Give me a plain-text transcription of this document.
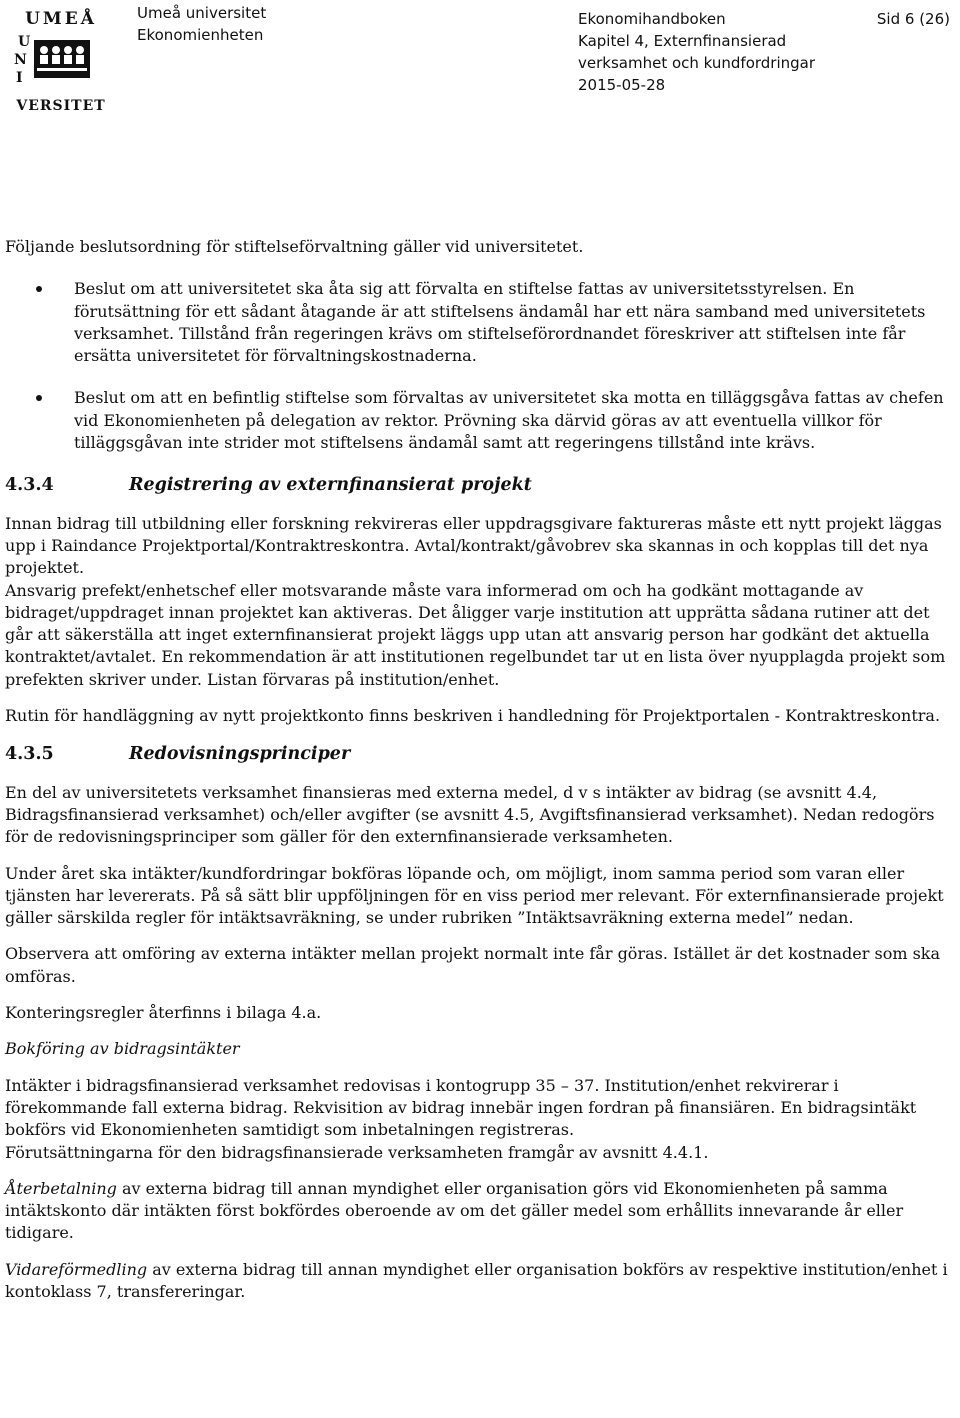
UMEÅ
U
N
I
VERSITET
Umeå universitet
Ekonomienheten
Ekonomihandboken
Kapitel 4, Externfinansierad
verksamhet och kundfordringar
2015-05-28
Sid 6 (26)

Följande beslutsordning för stiftelseförvaltning gäller vid universitetet.

Beslut om att universitetet ska åta sig att förvalta en stiftelse fattas av universitetsstyrelsen. En förutsättning för ett sådant åtagande är att stiftelsens ändamål har ett nära samband med universitetets verksamhet. Tillstånd från regeringen krävs om stiftelseförordnandet föreskriver att stiftelsen inte får ersätta universitetet för förvaltningskostnaderna.
Beslut om att en befintlig stiftelse som förvaltas av universitetet ska motta en tilläggsgåva fattas av chefen vid Ekonomienheten på delegation av rektor. Prövning ska därvid göras av att eventuella villkor för tilläggsgåvan inte strider mot stiftelsens ändamål samt att regeringens tillstånd inte krävs.
4.3.4	Registrering av externfinansierat projekt

Innan bidrag till utbildning eller forskning rekvireras eller uppdragsgivare faktureras måste ett nytt projekt läggas upp i Raindance Projektportal/Kontraktreskontra. Avtal/kontrakt/gåvobrev ska skannas in och kopplas till det nya projektet.

Ansvarig prefekt/enhetschef eller motsvarande måste vara informerad om och ha godkänt mottagande av bidraget/uppdraget innan projektet kan aktiveras. Det åligger varje institution att upprätta sådana rutiner att det går att säkerställa att inget externfinansierat projekt läggs upp utan att ansvarig person har godkänt det aktuella kontraktet/avtalet. En rekommendation är att institutionen regelbundet tar ut en lista över nyupplagda projekt som prefekten skriver under. Listan förvaras på institution/enhet.

Rutin för handläggning av nytt projektkonto finns beskriven i handledning för Projektportalen - Kontraktreskontra.

4.3.5	Redovisningsprinciper

En del av universitetets verksamhet finansieras med externa medel, d v s intäkter av bidrag (se avsnitt 4.4, Bidragsfinansierad verksamhet) och/eller avgifter (se avsnitt 4.5, Avgiftsfinansierad verksamhet). Nedan redogörs för de redovisningsprinciper som gäller för den externfinansierade verksamheten.

Under året ska intäkter/kundfordringar bokföras löpande och, om möjligt, inom samma period som varan eller tjänsten har levererats. På så sätt blir uppföljningen för en viss period mer relevant. För externfinansierade projekt gäller särskilda regler för intäktsavräkning, se under rubriken ”Intäktsavräkning externa medel” nedan.

Observera att omföring av externa intäkter mellan projekt normalt inte får göras. Istället är det kostnader som ska omföras.

Konteringsregler återfinns i bilaga 4.a.

Bokföring av bidragsintäkter

Intäkter i bidragsfinansierad verksamhet redovisas i kontogrupp 35 – 37. Institution/enhet rekvirerar i förekommande fall externa bidrag. Rekvisition av bidrag innebär ingen fordran på finansiären. En bidragsintäkt bokförs vid Ekonomienheten samtidigt som inbetalningen registreras.

Förutsättningarna för den bidragsfinansierade verksamheten framgår av avsnitt 4.4.1.

Återbetalning av externa bidrag till annan myndighet eller organisation görs vid Ekonomienheten på samma intäktskonto där intäkten först bokfördes oberoende av om det gäller medel som erhållits innevarande år eller tidigare.

Vidareförmedling av externa bidrag till annan myndighet eller organisation bokförs av respektive institution/enhet i kontoklass 7, transfereringar.
